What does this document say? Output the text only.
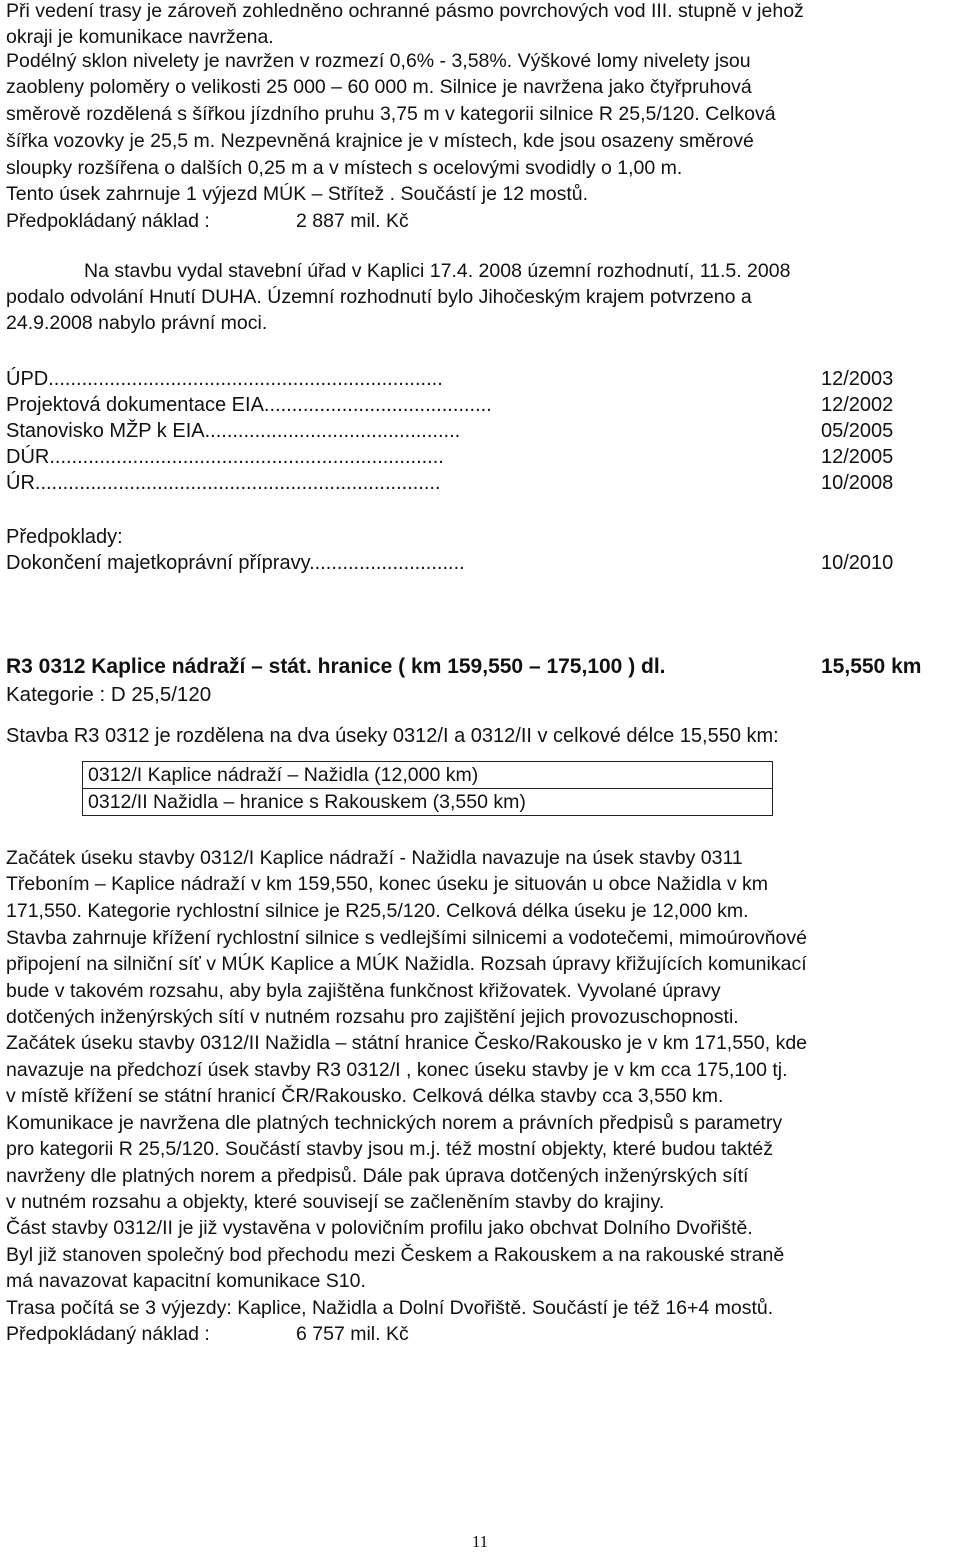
Při vedení trasy je zároveň zohledněno ochranné pásmo povrchových vod III. stupně v jehož
okraji je komunikace navržena.
Podélný sklon nivelety je navržen v rozmezí 0,6% - 3,58%. Výškové lomy nivelety jsou
zaobleny poloměry o velikosti 25 000 – 60 000 m. Silnice je navržena jako čtyřpruhová
směrově rozdělená s šířkou jízdního pruhu 3,75 m v kategorii silnice R 25,5/120. Celková
šířka vozovky je 25,5 m. Nezpevněná krajnice je v místech, kde jsou osazeny směrové
sloupky rozšířena o dalších 0,25 m a v místech s ocelovými svodidly o 1,00 m.
Tento úsek zahrnuje 1 výjezd MÚK – Střítež . Součástí je 12 mostů.
Předpokládaný náklad :	2 887 mil. Kč
Na stavbu vydal stavební úřad v Kaplici 17.4. 2008 územní rozhodnutí, 11.5. 2008
podalo odvolání Hnutí DUHA. Územní rozhodnutí bylo Jihočeským krajem potvrzeno a
24.9.2008 nabylo právní moci.
ÚPD.......................................................................	12/2003
Projektová dokumentace EIA.........................................	12/2002
Stanovisko MŽP k EIA..............................................	05/2005
DÚR.......................................................................	12/2005
ÚR.........................................................................	10/2008
Předpoklady:
Dokončení majetkoprávní přípravy............................	10/2010
R3 0312 Kaplice nádraží – stát. hranice ( km 159,550 – 175,100 ) dl.	15,550 km
Kategorie : D 25,5/120
Stavba R3 0312 je rozdělena na dva úseky 0312/I a 0312/II v celkové délce 15,550 km:
0312/I Kaplice nádraží – Nažidla (12,000 km)
0312/II Nažidla – hranice s Rakouskem (3,550 km)
Začátek úseku stavby 0312/I Kaplice nádraží - Nažidla navazuje na úsek stavby 0311
Třeboním – Kaplice nádraží v km 159,550, konec úseku je situován u obce Nažidla v km
171,550. Kategorie rychlostní silnice je R25,5/120. Celková délka úseku je 12,000 km.
Stavba zahrnuje křížení rychlostní silnice s vedlejšími silnicemi a vodotečemi, mimoúrovňové
připojení na silniční síť v MÚK Kaplice a MÚK Nažidla. Rozsah úpravy křižujících komunikací
bude v takovém rozsahu, aby byla zajištěna funkčnost křižovatek. Vyvolané úpravy
dotčených inženýrských sítí v nutném rozsahu pro zajištění jejich provozuschopnosti.
Začátek úseku stavby 0312/II Nažidla – státní hranice Česko/Rakousko je v km 171,550, kde
navazuje na předchozí úsek stavby R3 0312/I , konec úseku stavby je v km cca 175,100 tj.
v místě křížení se státní hranicí ČR/Rakousko. Celková délka stavby cca 3,550 km.
Komunikace je navržena dle platných technických norem a právních předpisů s parametry
pro kategorii R 25,5/120. Součástí stavby jsou m.j. též mostní objekty, které budou taktéž
navrženy dle platných norem a předpisů. Dále pak úprava dotčených inženýrských sítí
v nutném rozsahu a objekty, které souvisejí se začleněním stavby do krajiny.
Část stavby 0312/II je již vystavěna v polovičním profilu jako obchvat Dolního Dvořiště.
Byl již stanoven společný bod přechodu mezi Českem a Rakouskem a na rakouské straně
má navazovat kapacitní komunikace S10.
Trasa počítá se 3 výjezdy: Kaplice, Nažidla a Dolní Dvořiště. Součástí je též 16+4 mostů.
Předpokládaný náklad :	6 757 mil. Kč
11
